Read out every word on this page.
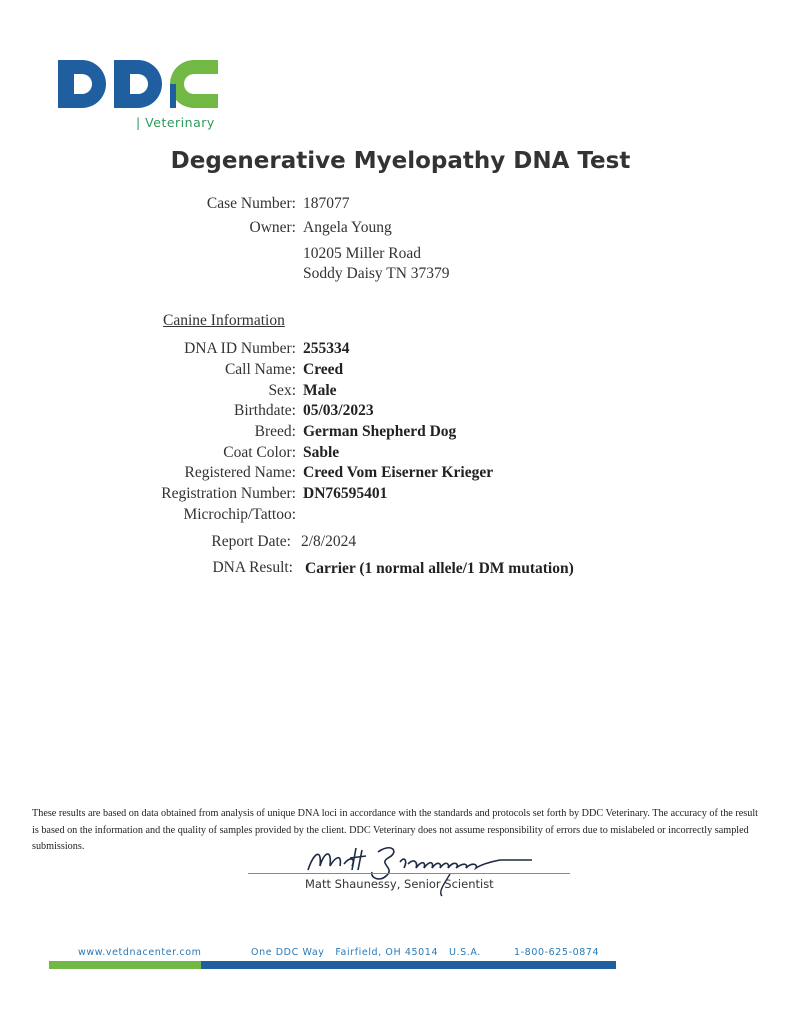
| Veterinary
Degenerative Myelopathy DNA Test
Case Number: 187077
Owner: Angela Young
10205 Miller Road
Soddy Daisy TN 37379
Canine Information
DNA ID Number: 255334
Call Name: Creed
Sex: Male
Birthdate: 05/03/2023
Breed: German Shepherd Dog
Coat Color: Sable
Registered Name: Creed Vom Eiserner Krieger
Registration Number: DN76595401
Microchip/Tattoo:
Report Date: 2/8/2024
DNA Result: Carrier (1 normal allele/1 DM mutation)
These results are based on data obtained from analysis of unique DNA loci in accordance with the standards and protocols set forth by DDC Veterinary. The accuracy of the result is based on the information and the quality of samples provided by the client. DDC Veterinary does not assume responsibility of errors due to mislabeled or incorrectly sampled submissions.
Matt Shaunessy, Senior Scientist
www.vetdnacenter.com	One DDC Way   Fairfield, OH 45014   U.S.A.	1-800-625-0874
